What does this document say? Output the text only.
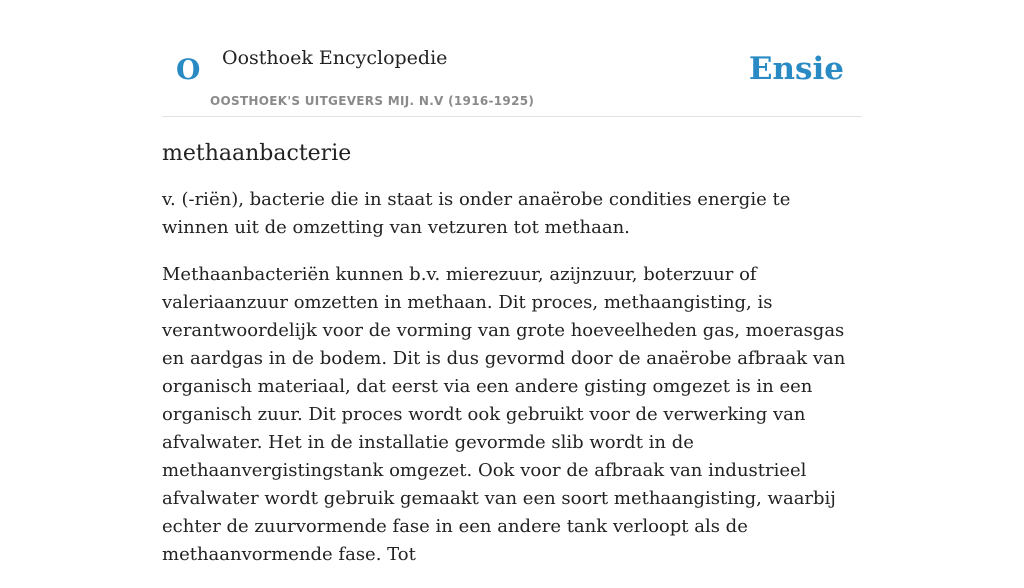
O Oosthoek Encyclopedie
OOSTHOEK'S UITGEVERS MIJ. N.V (1916-1925)
Ensie
methaanbacterie

v. (-riën), bacterie die in staat is onder anaërobe condities energie te winnen uit de omzetting van vetzuren tot methaan.

Methaanbacteriën kunnen b.v. mierezuur, azijnzuur, boterzuur of valeriaanzuur omzetten in methaan. Dit proces, methaangisting, is verantwoordelijk voor de vorming van grote hoeveelheden gas, moerasgas en aardgas in de bodem. Dit is dus gevormd door de anaërobe afbraak van organisch materiaal, dat eerst via een andere gisting omgezet is in een organisch zuur. Dit proces wordt ook gebruikt voor de verwerking van afvalwater. Het in de installatie gevormde slib wordt in de methaanvergistingstank omgezet. Ook voor de afbraak van industrieel afvalwater wordt gebruik gemaakt van een soort methaangisting, waarbij echter de zuurvormende fase in een andere tank verloopt als de methaanvormende fase. Tot
